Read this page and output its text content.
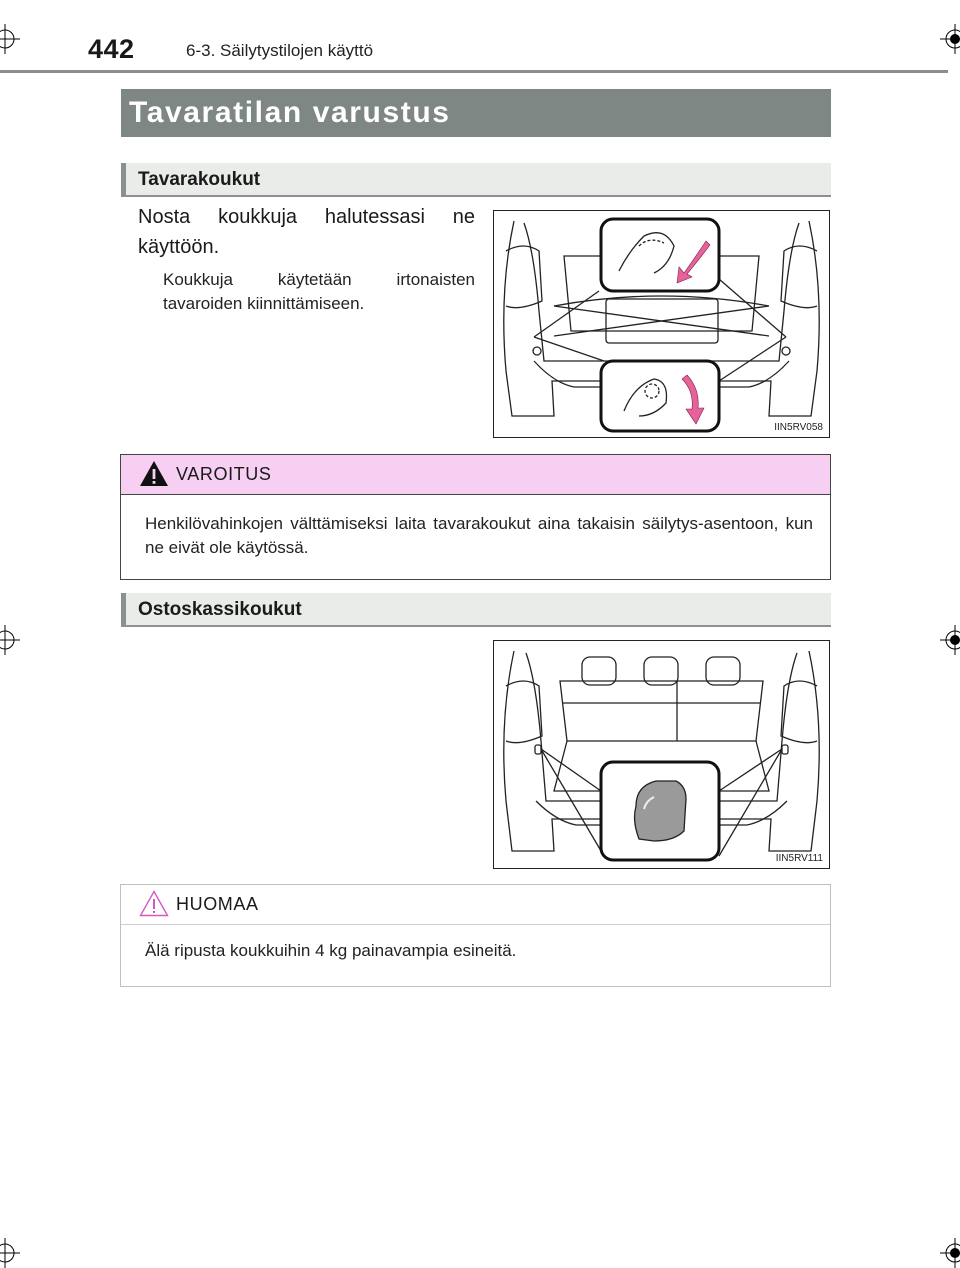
442	6-3. Säilytystilojen käyttö
Tavaratilan varustus
Tavarakoukut
Nosta koukkuja halutessasi ne käyttöön.
Koukkuja käytetään irtonaisten tavaroiden kiinnittämiseen.
IIN5RV058
VAROITUS
Henkilövahinkojen välttämiseksi laita tavarakoukut aina takaisin säilytys-asentoon, kun ne eivät ole käytössä.
Ostoskassikoukut
IIN5RV111
HUOMAA
Älä ripusta koukkuihin 4 kg painavampia esineitä.
